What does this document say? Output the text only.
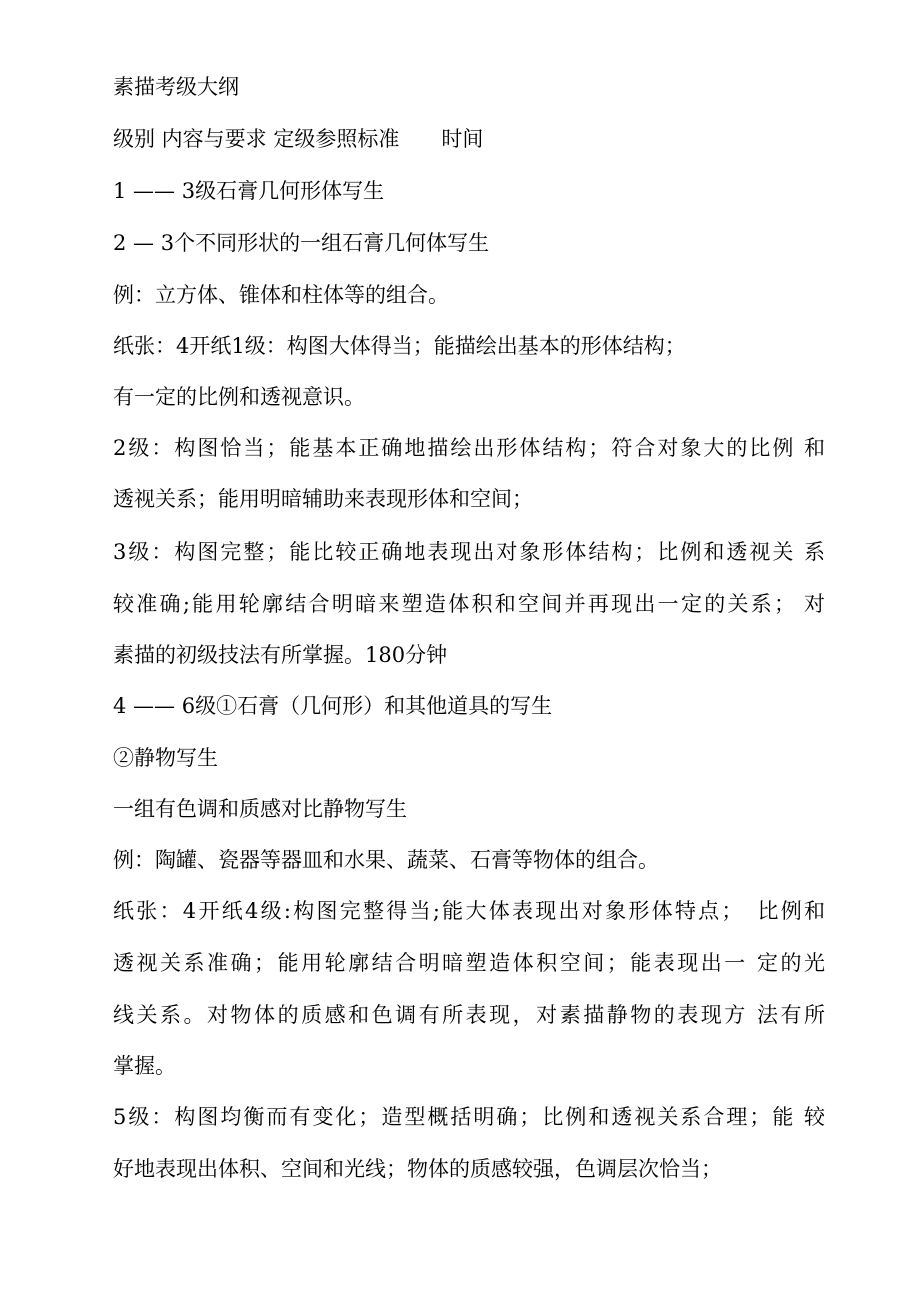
素描考级大纲
级别 内容与要求 定级参照标准　　时间
1 —— 3级石膏几何形体写生
2 — 3个不同形状的一组石膏几何体写生
例：立方体、锥体和柱体等的组合。
纸张：4开纸1级：构图大体得当；能描绘出基本的形体结构；
有一定的比例和透视意识。
2级：构图恰当；能基本正确地描绘出形体结构；符合对象大的比例 和
透视关系；能用明暗辅助来表现形体和空间；
3级：构图完整；能比较正确地表现出对象形体结构；比例和透视关 系
较准确;能用轮廓结合明暗来塑造体积和空间并再现出一定的关系； 对
素描的初级技法有所掌握。180分钟
4 —— 6级①石膏（几何形）和其他道具的写生
②静物写生
一组有色调和质感对比静物写生
例：陶罐、瓷器等器皿和水果、蔬菜、石膏等物体的组合。
纸张：4开纸4级:构图完整得当;能大体表现出对象形体特点；　比例和
透视关系准确；能用轮廓结合明暗塑造体积空间；能表现出一 定的光
线关系。对物体的质感和色调有所表现，对素描静物的表现方 法有所
掌握。
5级：构图均衡而有变化；造型概括明确；比例和透视关系合理；能 较
好地表现出体积、空间和光线；物体的质感较强，色调层次恰当；
